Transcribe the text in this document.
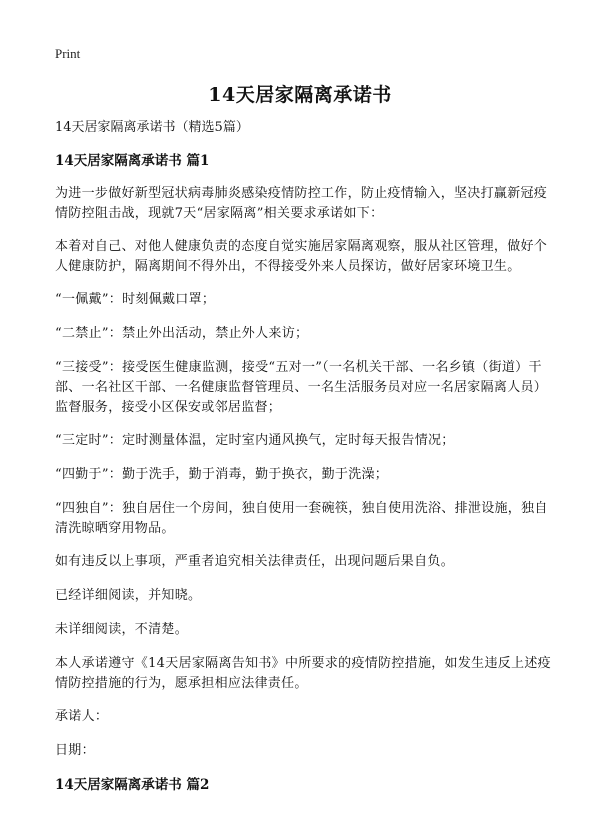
Print
14天居家隔离承诺书

14天居家隔离承诺书（精选5篇）

14天居家隔离承诺书 篇1

为进一步做好新型冠状病毒肺炎感染疫情防控工作，防止疫情输入，坚决打赢新冠疫情防控阻击战，现就7天“居家隔离”相关要求承诺如下：

本着对自己、对他人健康负责的态度自觉实施居家隔离观察，服从社区管理，做好个人健康防护，隔离期间不得外出，不得接受外来人员探访，做好居家环境卫生。

“一佩戴”：时刻佩戴口罩；

“二禁止”：禁止外出活动，禁止外人来访；

“三接受”：接受医生健康监测，接受“五对一”（一名机关干部、一名乡镇（街道）干部、一名社区干部、一名健康监督管理员、一名生活服务员对应一名居家隔离人员）监督服务，接受小区保安或邻居监督；

“三定时”：定时测量体温，定时室内通风换气，定时每天报告情况；

“四勤于”：勤于洗手，勤于消毒，勤于换衣，勤于洗澡；

“四独自”：独自居住一个房间，独自使用一套碗筷，独自使用洗浴、排泄设施，独自清洗晾晒穿用物品。

如有违反以上事项，严重者追究相关法律责任，出现问题后果自负。

已经详细阅读，并知晓。

未详细阅读，不清楚。

本人承诺遵守《14天居家隔离告知书》中所要求的疫情防控措施，如发生违反上述疫情防控措施的行为，愿承担相应法律责任。

承诺人：

日期：

14天居家隔离承诺书 篇2
